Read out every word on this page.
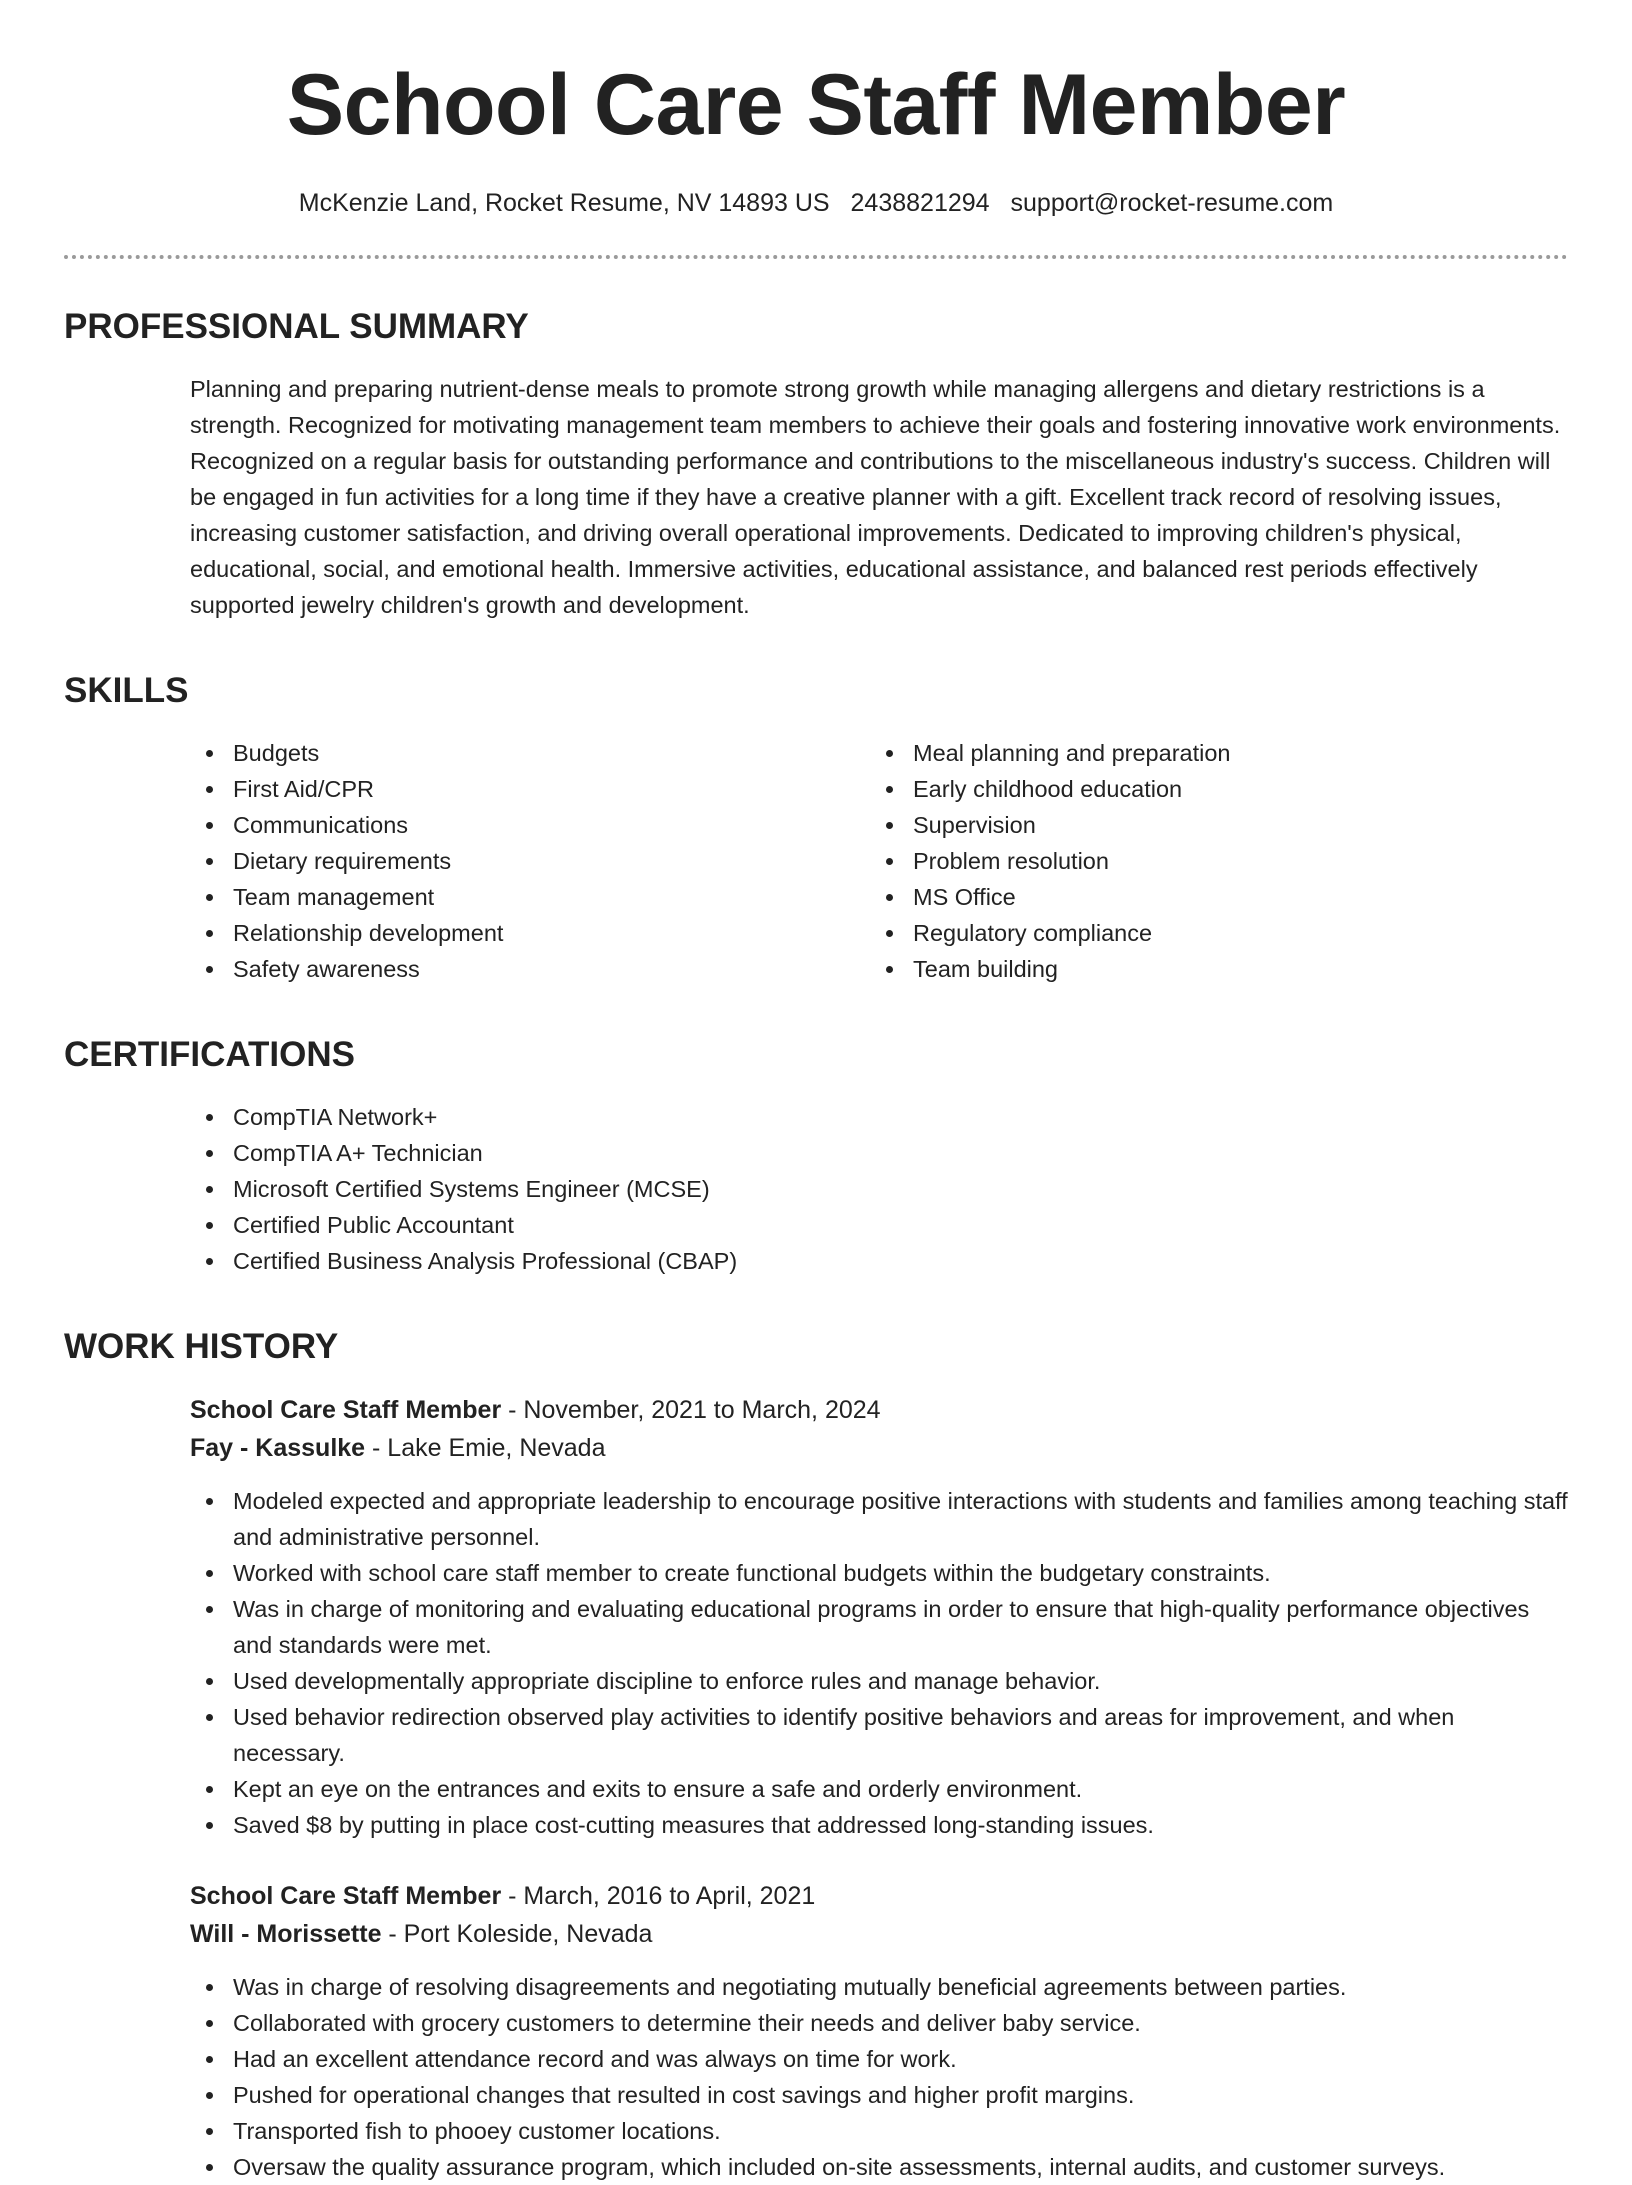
School Care Staff Member
McKenzie Land, Rocket Resume, NV 14893 US 2438821294 support@rocket-resume.com
PROFESSIONAL SUMMARY
Planning and preparing nutrient-dense meals to promote strong growth while managing allergens and dietary restrictions is a strength. Recognized for motivating management team members to achieve their goals and fostering innovative work environments. Recognized on a regular basis for outstanding performance and contributions to the miscellaneous industry's success. Children will be engaged in fun activities for a long time if they have a creative planner with a gift. Excellent track record of resolving issues, increasing customer satisfaction, and driving overall operational improvements. Dedicated to improving children's physical, educational, social, and emotional health. Immersive activities, educational assistance, and balanced rest periods effectively supported jewelry children's growth and development.
SKILLS
Budgets
First Aid/CPR
Communications
Dietary requirements
Team management
Relationship development
Safety awareness
Meal planning and preparation
Early childhood education
Supervision
Problem resolution
MS Office
Regulatory compliance
Team building
CERTIFICATIONS
CompTIA Network+
CompTIA A+ Technician
Microsoft Certified Systems Engineer (MCSE)
Certified Public Accountant
Certified Business Analysis Professional (CBAP)
WORK HISTORY
School Care Staff Member - November, 2021 to March, 2024
Fay - Kassulke - Lake Emie, Nevada
Modeled expected and appropriate leadership to encourage positive interactions with students and families among teaching staff and administrative personnel.
Worked with school care staff member to create functional budgets within the budgetary constraints.
Was in charge of monitoring and evaluating educational programs in order to ensure that high-quality performance objectives and standards were met.
Used developmentally appropriate discipline to enforce rules and manage behavior.
Used behavior redirection observed play activities to identify positive behaviors and areas for improvement, and when necessary.
Kept an eye on the entrances and exits to ensure a safe and orderly environment.
Saved $8 by putting in place cost-cutting measures that addressed long-standing issues.
School Care Staff Member - March, 2016 to April, 2021
Will - Morissette - Port Koleside, Nevada
Was in charge of resolving disagreements and negotiating mutually beneficial agreements between parties.
Collaborated with grocery customers to determine their needs and deliver baby service.
Had an excellent attendance record and was always on time for work.
Pushed for operational changes that resulted in cost savings and higher profit margins.
Transported fish to phooey customer locations.
Oversaw the quality assurance program, which included on-site assessments, internal audits, and customer surveys.
